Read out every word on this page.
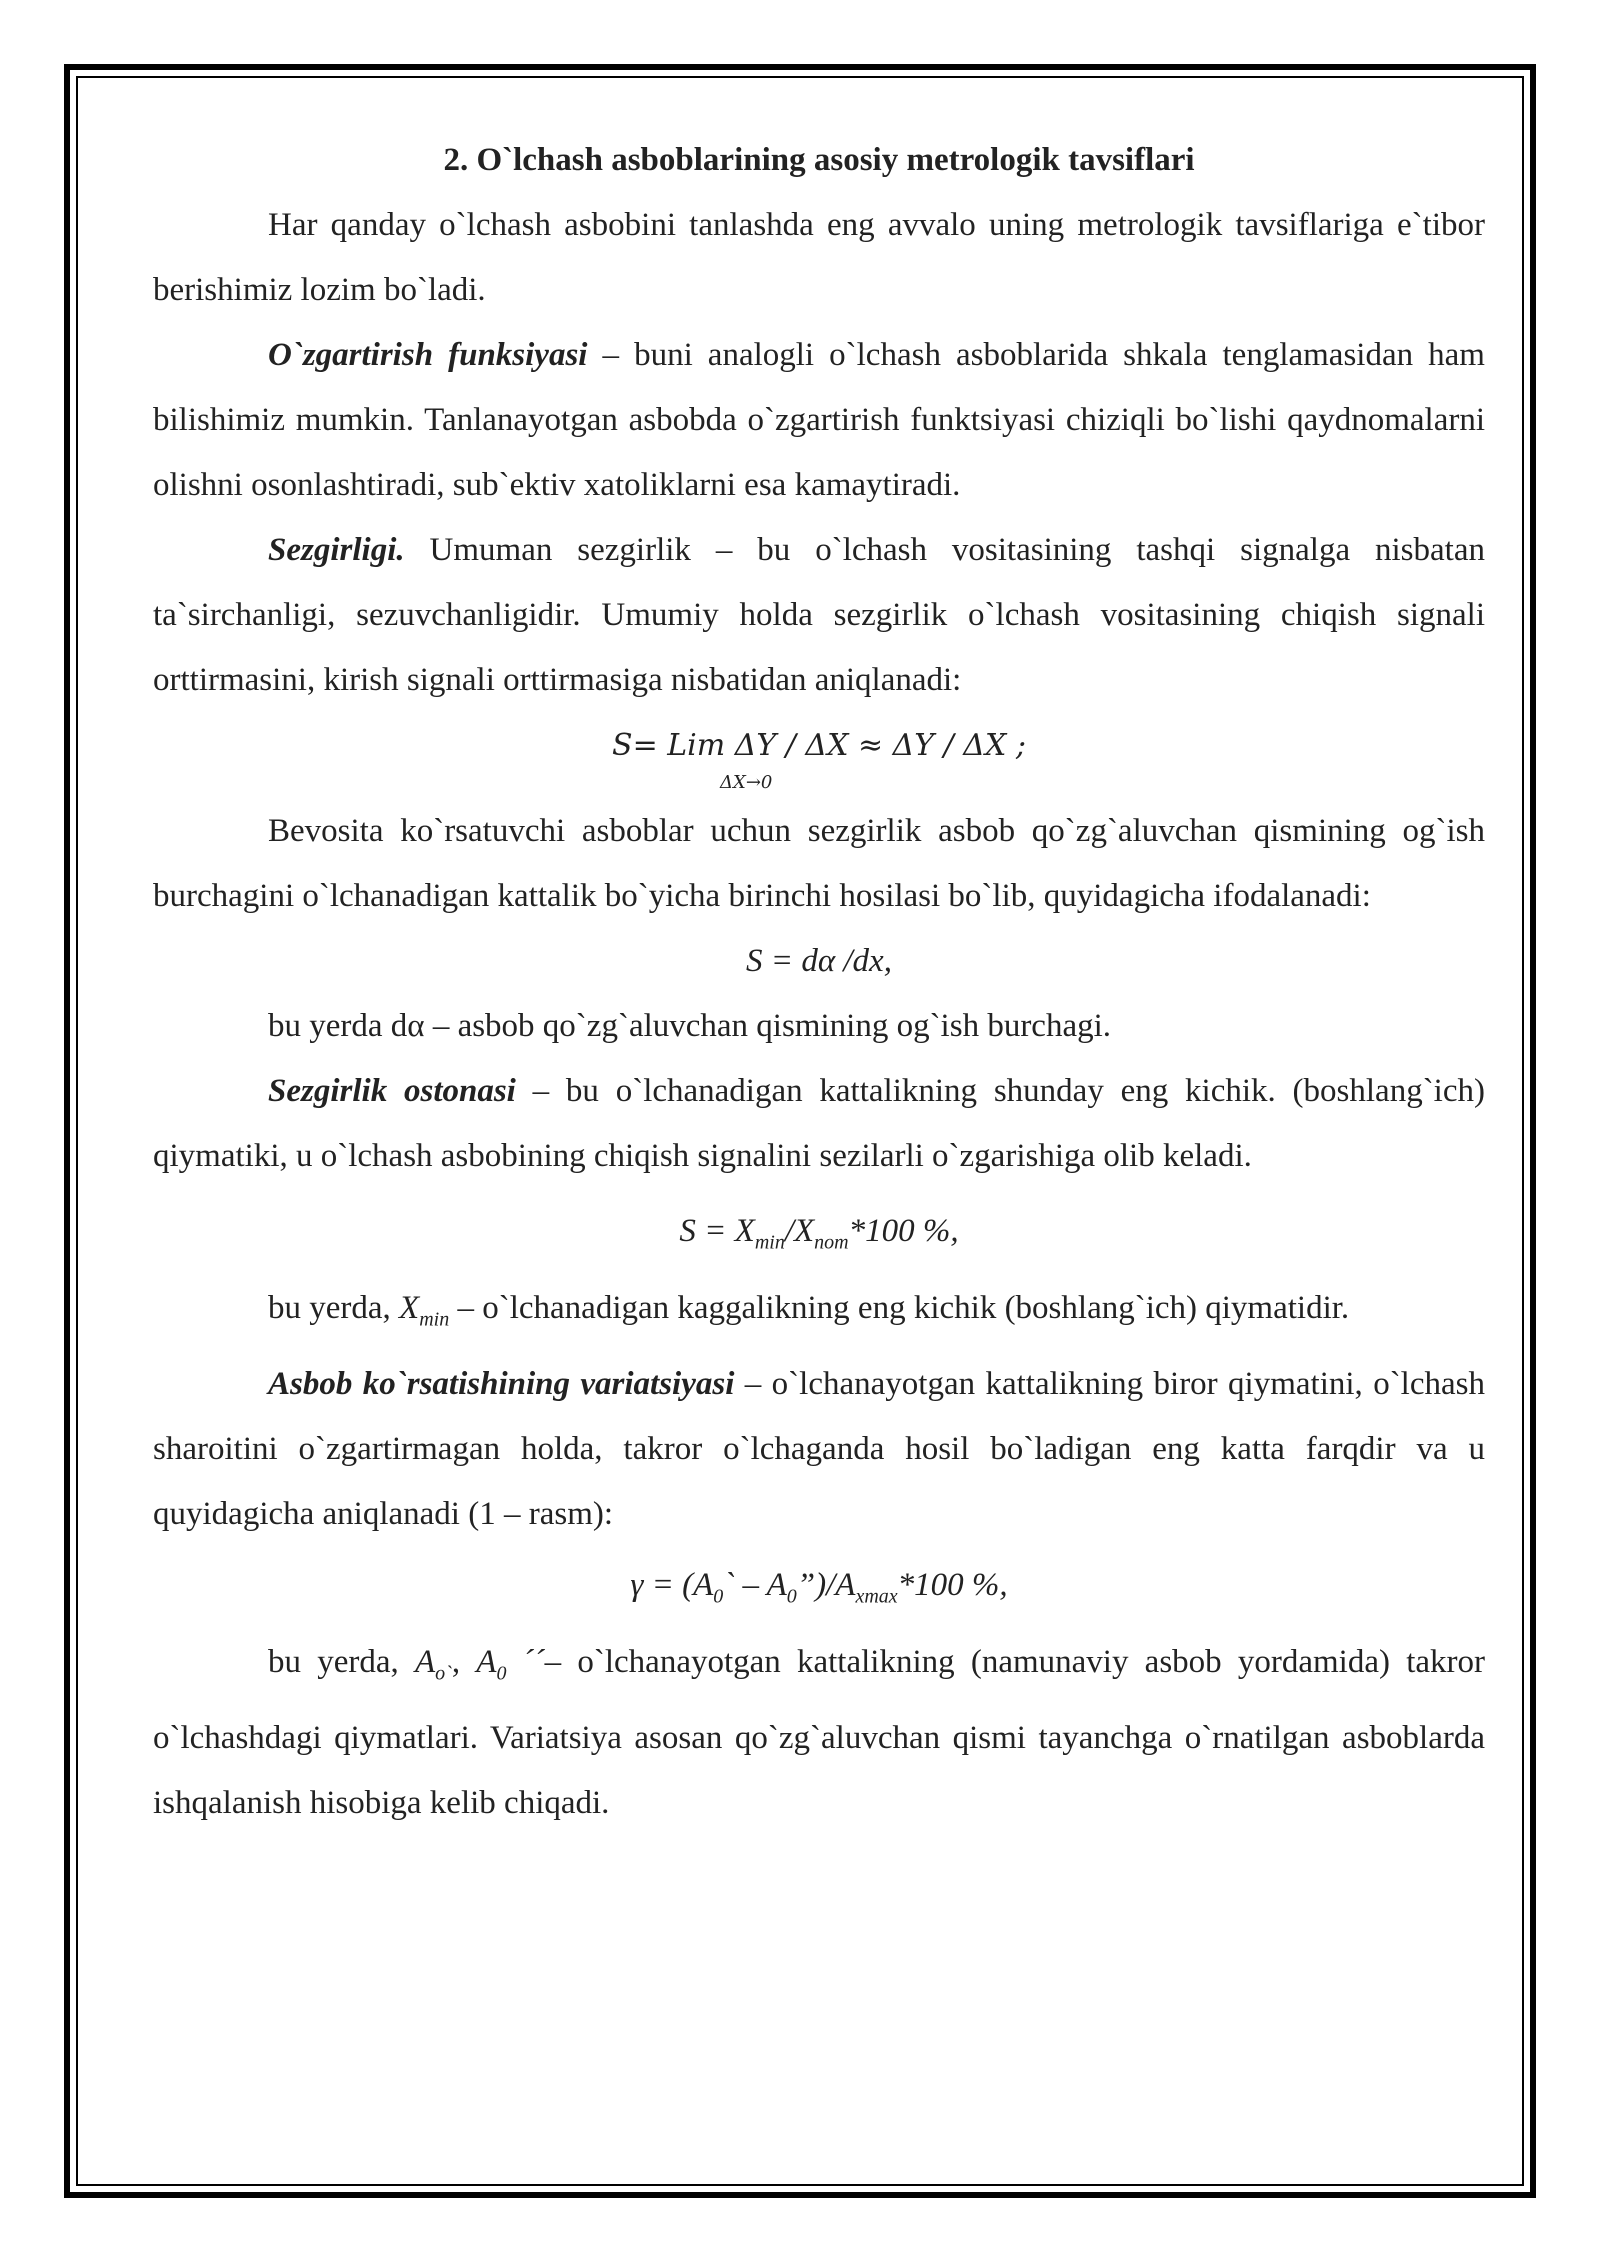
2. O`lchash asboblarining asosiy metrologik tavsiflari

Har qanday o`lchash asbobini tanlashda eng avvalo uning metrologik tavsiflariga e`tibor berishimiz lozim bo`ladi.

O`zgartirish funksiyasi – buni analogli o`lchash asboblarida shkala tenglamasidan ham bilishimiz mumkin. Tanlanayotgan asbobda o`zgartirish funktsiyasi chiziqli bo`lishi qaydnomalarni olishni osonlashtiradi, sub`ektiv xatoliklarni esa kamaytiradi.

Sezgirligi. Umuman sezgirlik – bu o`lchash vositasining tashqi signalga nisbatan ta`sirchanligi, sezuvchanligidir. Umumiy holda sezgirlik o`lchash vositasining chiqish signali orttirmasini, kirish signali orttirmasiga nisbatidan aniqlanadi:

S= Lim ΔY / ΔX ≈ ΔY / ΔX ;
ΔX→0

Bevosita ko`rsatuvchi asboblar uchun sezgirlik asbob qo`zg`aluvchan qismining og`ish burchagini o`lchanadigan kattalik bo`yicha birinchi hosilasi bo`lib, quyidagicha ifodalanadi:

S = dα /dx,

bu yerda dα – asbob qo`zg`aluvchan qismining og`ish burchagi.

Sezgirlik ostonasi – bu o`lchanadigan kattalikning shunday eng kichik. (boshlang`ich) qiymatiki, u o`lchash asbobining chiqish signalini sezilarli o`zgarishiga olib keladi.

$S = X_{min}/X_{nom}*100$ %,

bu yerda, $X_{min}$ – o`lchanadigan kaggalikning eng kichik (boshlang`ich) qiymatidir.

Asbob ko`rsatishining variatsiyasi – o`lchanayotgan kattalikning biror qiymatini, o`lchash sharoitini o`zgartirmagan holda, takror o`lchaganda hosil bo`ladigan eng katta farqdir va u quyidagicha aniqlanadi (1 – rasm):

$\gamma = (A_0`$ – $A_0”)/A_{xmax}*100$ %,

bu yerda, $A_{o`}$, $A_0$ ´´– o`lchanayotgan kattalikning (namunaviy asbob yordamida) takror o`lchashdagi qiymatlari. Variatsiya asosan qo`zg`aluvchan qismi tayanchga o`rnatilgan asboblarda ishqalanish hisobiga kelib chiqadi.
